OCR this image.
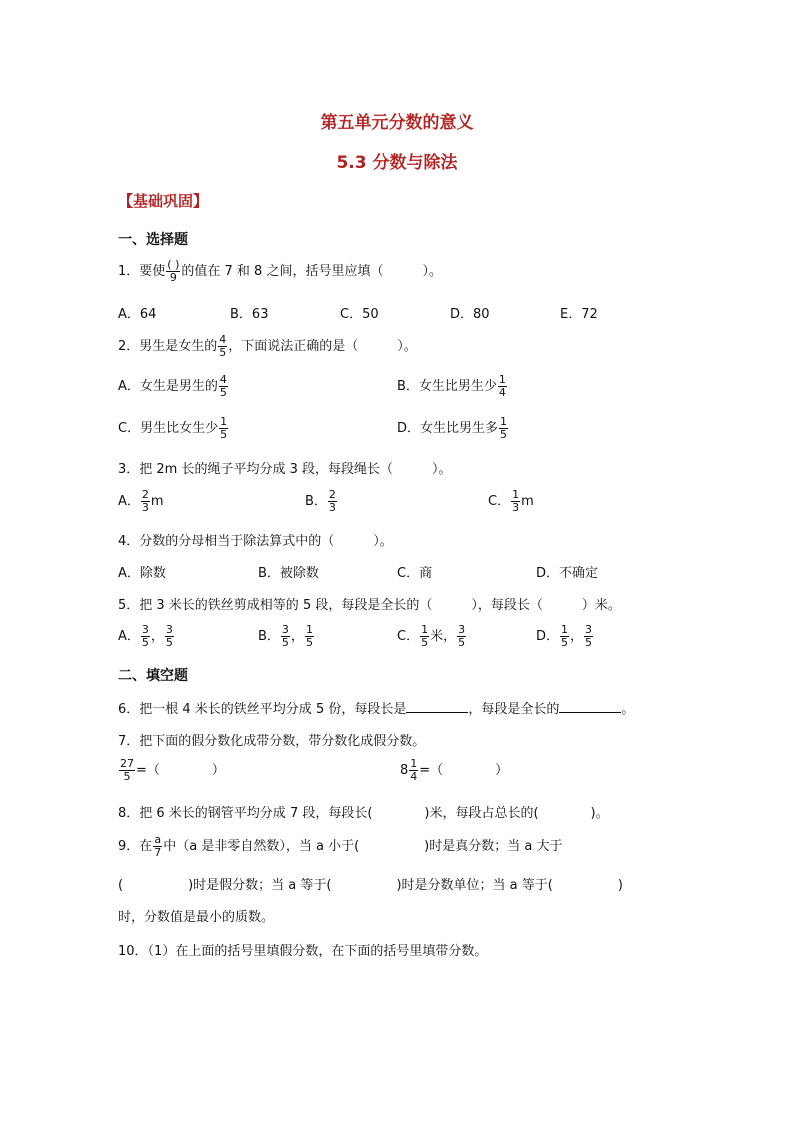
第五单元分数的意义
5.3 分数与除法
【基础巩固】
一、选择题
1．要使 $\frac{( )}{9}$ 的值在 7 和 8 之间，括号里应填（　　　）。
A．64	B．63	C．50	D．80	E．72
2．男生是女生的 $\frac{4}{5}$ ，下面说法正确的是（　　　）。
A．女生是男生的 $\frac{4}{5}$	B．女生比男生少 $\frac{1}{4}$
C．男生比女生少 $\frac{1}{5}$	D．女生比男生多 $\frac{1}{5}$
3．把 2m 长的绳子平均分成 3 段，每段绳长（　　　）。
A． $\frac{2}{3}$ m	B． $\frac{2}{3}$	C． $\frac{1}{3}$ m
4．分数的分母相当于除法算式中的（　　　）。
A．除数	B．被除数	C．商	D．不确定
5．把 3 米长的铁丝剪成相等的 5 段，每段是全长的（　　　），每段长（　　　）米。
A． $\frac{3}{5}$ ， $\frac{3}{5}$	B． $\frac{3}{5}$ ， $\frac{1}{5}$	C． $\frac{1}{5}$ 米， $\frac{3}{5}$	D． $\frac{1}{5}$ ， $\frac{3}{5}$
二、填空题
6．把一根 4 米长的铁丝平均分成 5 份，每段长是	，每段是全长的	。
7．把下面的假分数化成带分数，带分数化成假分数。
$\frac{27}{5}$ =（　　　　）	$8 \frac{1}{4}$ =（　　　　）
8．把 6 米长的钢管平均分成 7 段，每段长(　　　　)米，每段占总长的(　　　　)。
9．在 $\frac{a}{7}$ 中（a 是非零自然数），当 a 小于(　　　　　)时是真分数；当 a 大于
(　　　　　)时是假分数；当 a 等于(　　　　　)时是分数单位；当 a 等于(　　　　　)
时，分数值是最小的质数。
10．（1）在上面的括号里填假分数，在下面的括号里填带分数。
